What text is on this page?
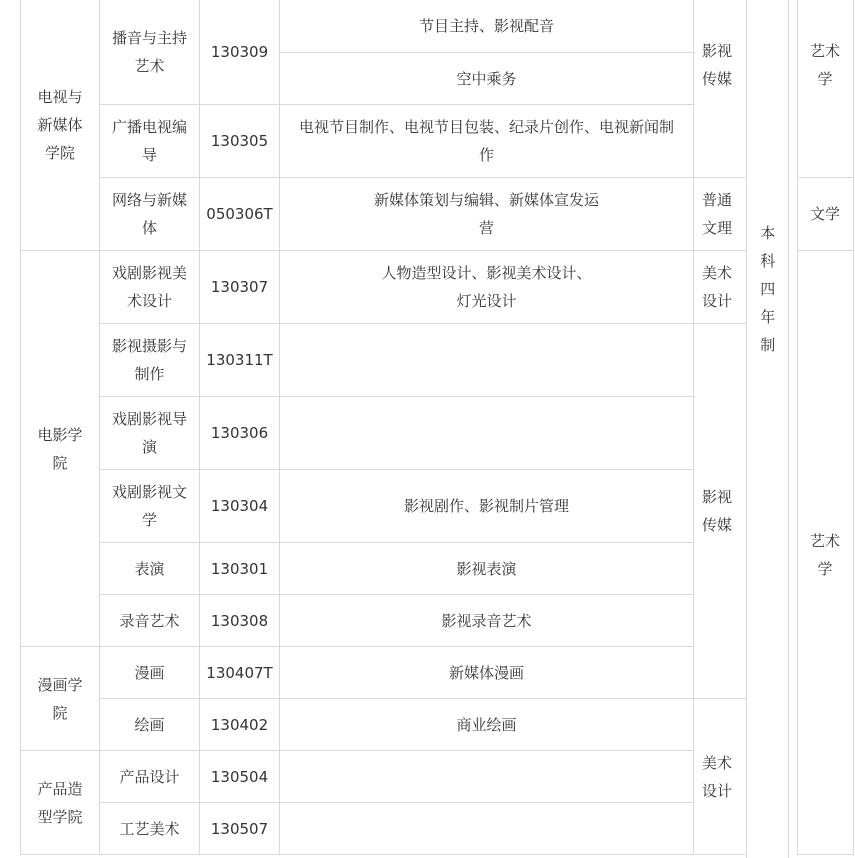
电视与新媒体学院	播音与主持艺术	130309	节目主持、影视配音	影视传媒	本科四年制		艺术学
			空中乘务				
	广播电视编导	130305	电视节目制作、电视节目包装、纪录片创作、电视新闻制作				
	网络与新媒体	050306T	新媒体策划与编辑、新媒体宣发运营	普通文理			文学
电影学院	戏剧影视美术设计	130307	人物造型设计、影视美术设计、灯光设计	美术设计			艺术学
	影视摄影与制作	130311T		影视传媒			
	戏剧影视导演	130306					
	戏剧影视文学	130304	影视剧作、影视制片管理				
	表演	130301	影视表演				
	录音艺术	130308	影视录音艺术				
漫画学院	漫画	130407T	新媒体漫画				
	绘画	130402	商业绘画	美术设计			
产品造型学院	产品设计	130504					
	工艺美术	130507					
